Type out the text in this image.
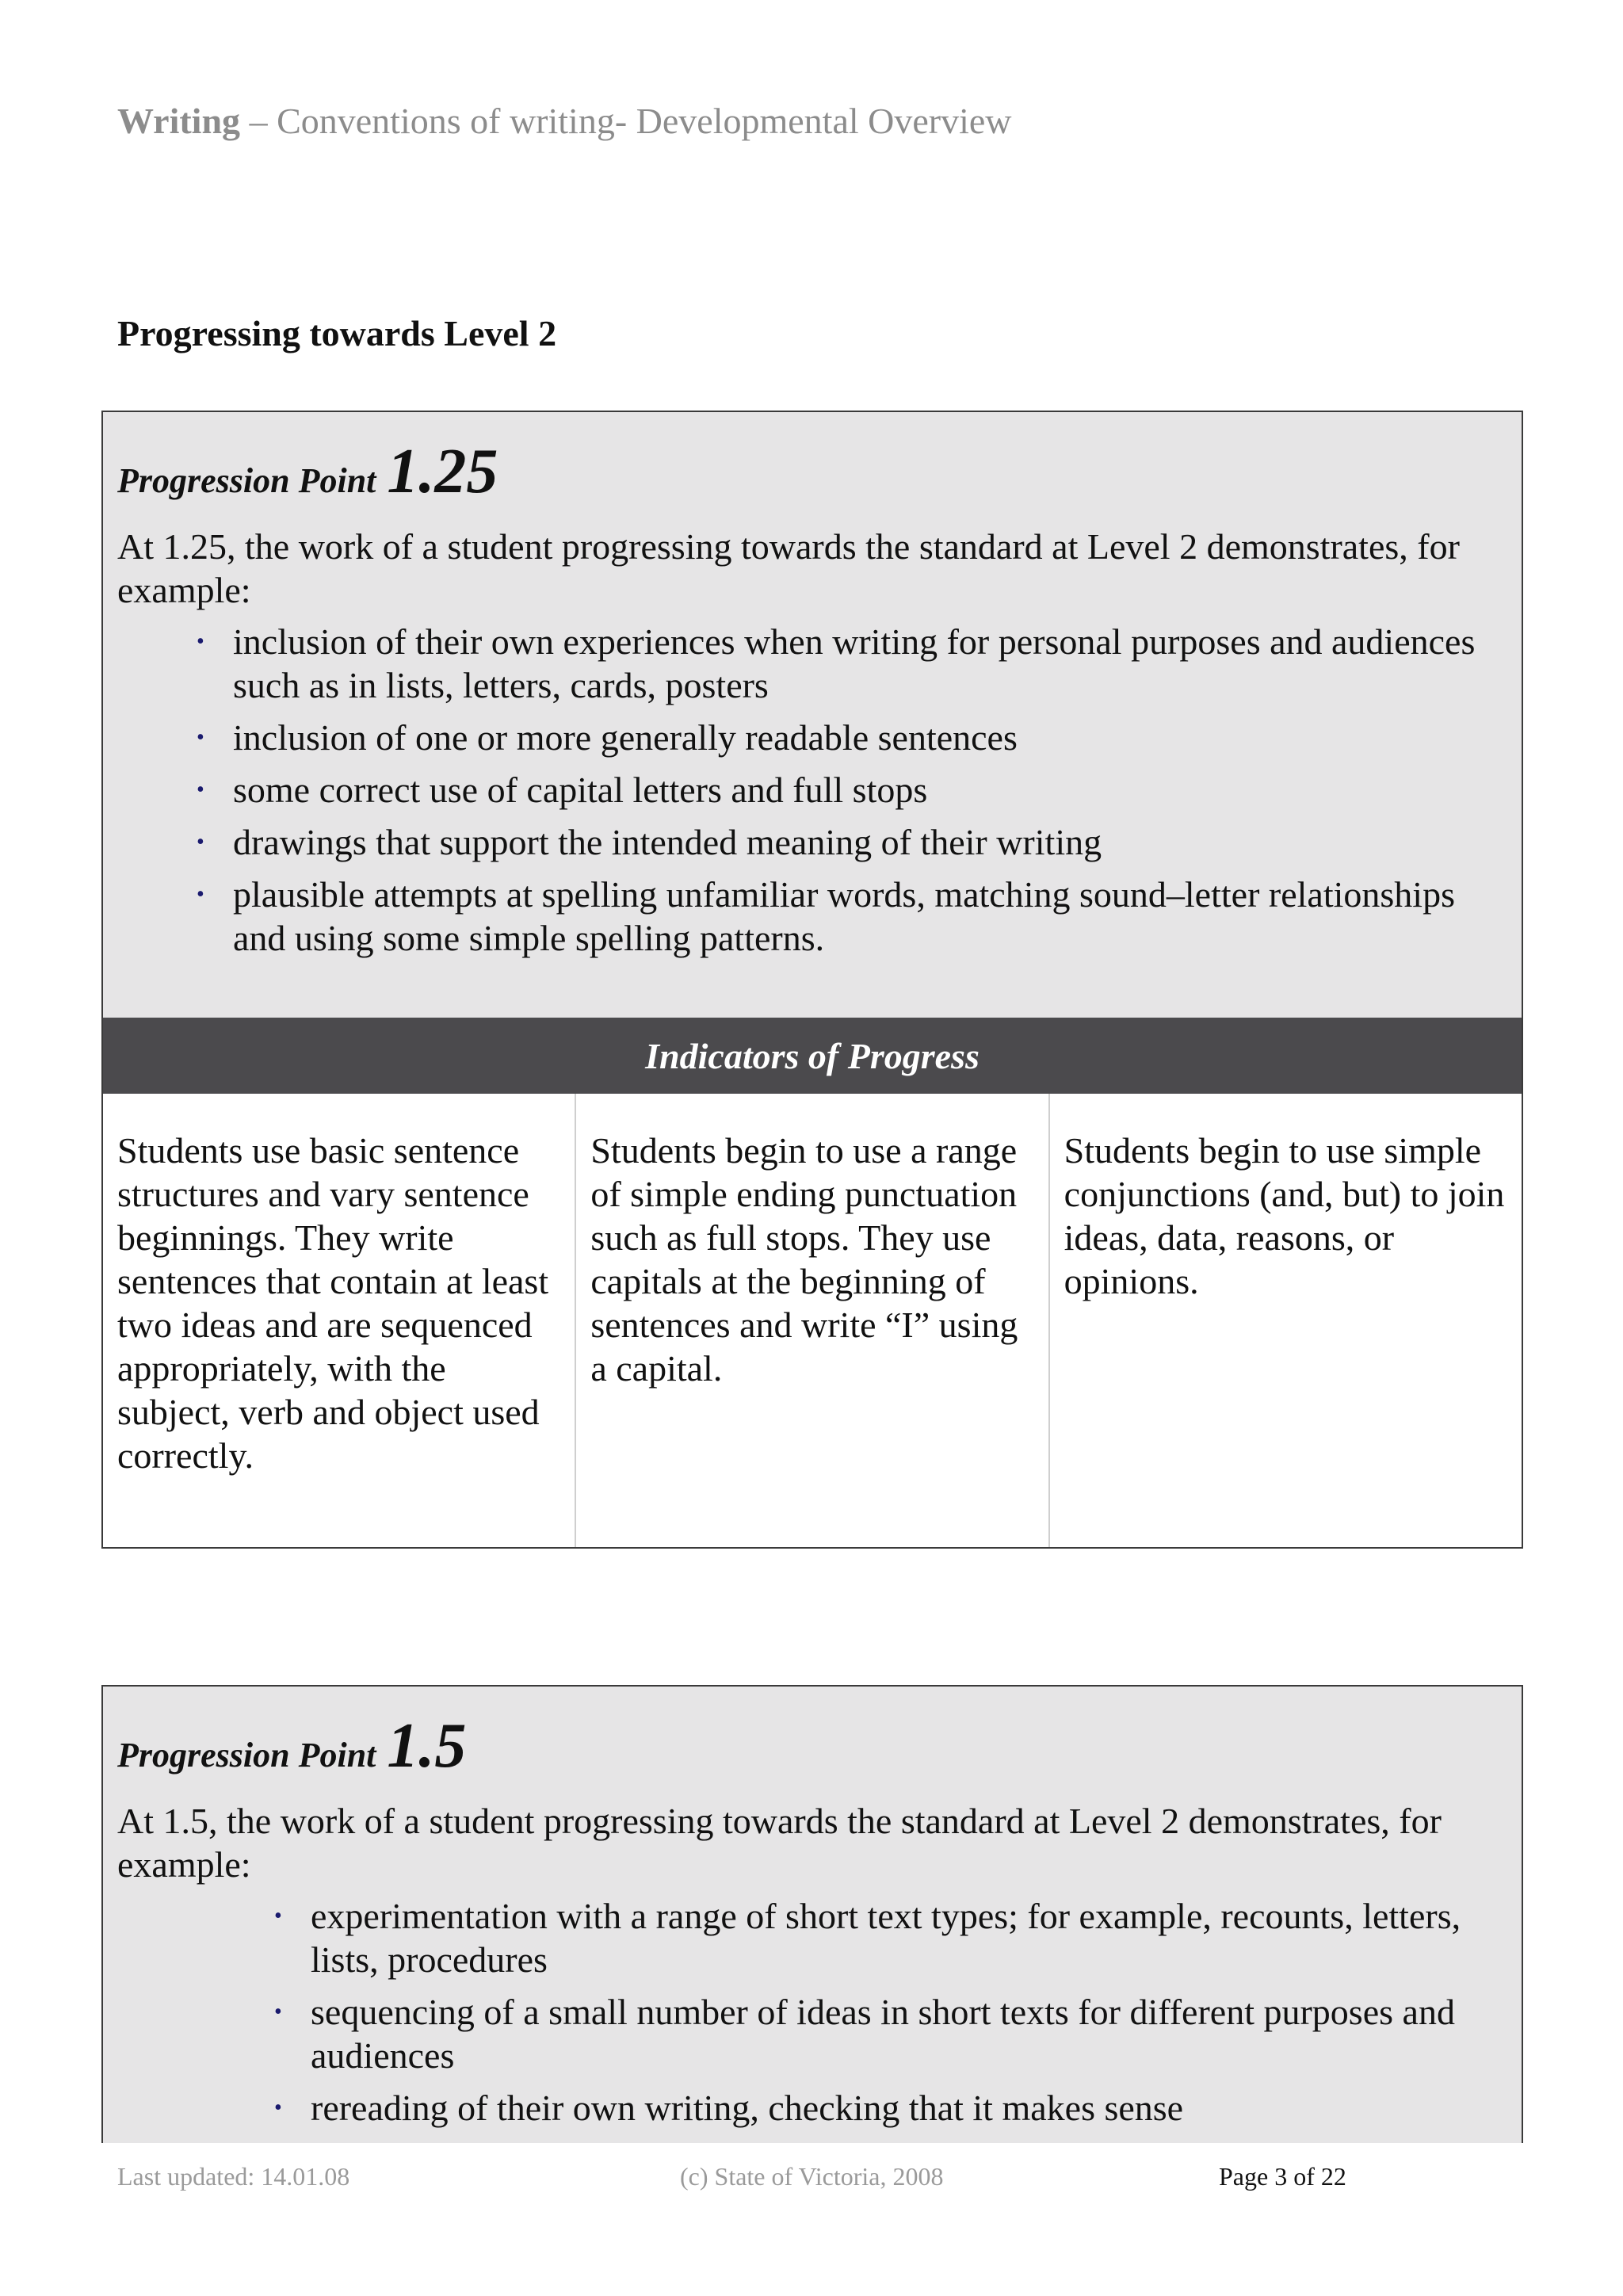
Writing – Conventions of writing- Developmental Overview
Progressing towards Level 2
Progression Point 1.25
At 1.25, the work of a student progressing towards the standard at Level 2 demonstrates, for example:
• inclusion of their own experiences when writing for personal purposes and audiences such as in lists, letters, cards, posters
• inclusion of one or more generally readable sentences
• some correct use of capital letters and full stops
• drawings that support the intended meaning of their writing
• plausible attempts at spelling unfamiliar words, matching sound–letter relationships and using some simple spelling patterns.
Indicators of Progress
Students use basic sentence structures and vary sentence beginnings. They write sentences that contain at least two ideas and are sequenced appropriately, with the subject, verb and object used correctly.
Students begin to use a range of simple ending punctuation such as full stops. They use capitals at the beginning of sentences and write “I” using a capital.
Students begin to use simple conjunctions (and, but) to join ideas, data, reasons, or opinions.
Progression Point 1.5
At 1.5, the work of a student progressing towards the standard at Level 2 demonstrates, for example:
• experimentation with a range of short text types; for example, recounts, letters, lists, procedures
• sequencing of a small number of ideas in short texts for different purposes and audiences
• rereading of their own writing, checking that it makes sense
Last updated: 14.01.08	(c) State of Victoria, 2008	Page 3 of 22
